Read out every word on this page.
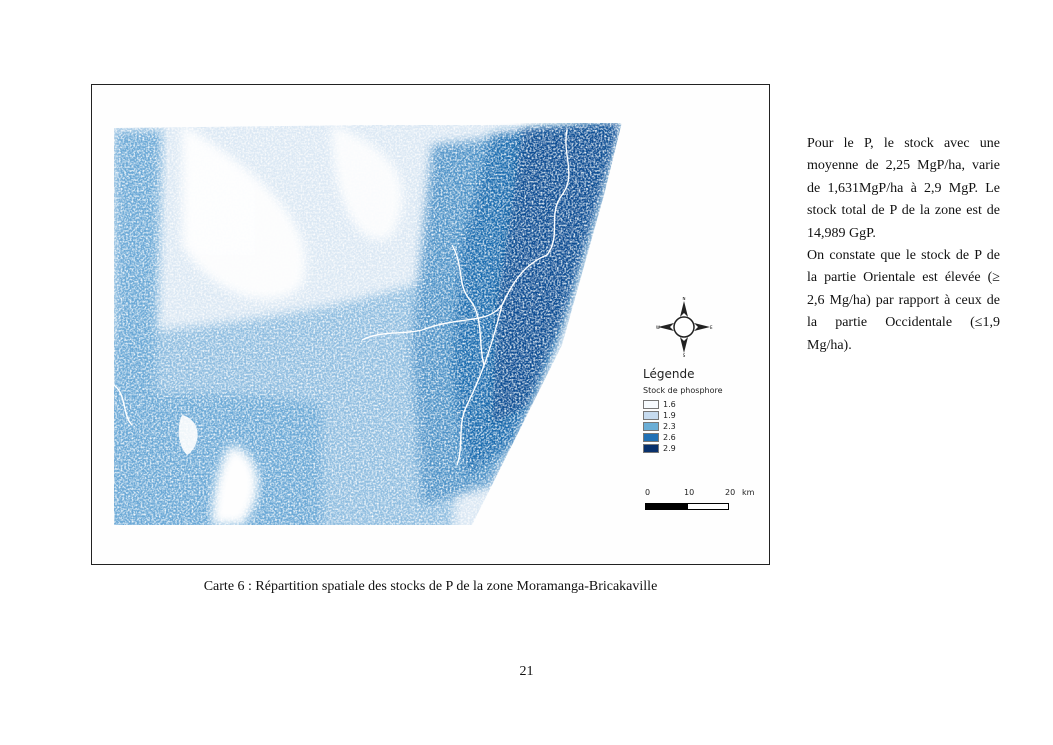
N
S
W	E
Légende
Stock de phosphore
1.6
1.9
2.3
2.6
2.9
0	10	20 km
Carte 6 : Répartition spatiale des stocks de P de la zone Moramanga-Bricakaville

Pour le P, le stock avec une moyenne de 2,25 MgP/ha, varie de 1,631MgP/ha à 2,9 MgP. Le stock total de P de la zone est de 14,989 GgP.

On constate que le stock de P de la partie Orientale est élevée (≥ 2,6 Mg/ha) par rapport à ceux de la partie Occidentale (≤1,9 Mg/ha).

21
